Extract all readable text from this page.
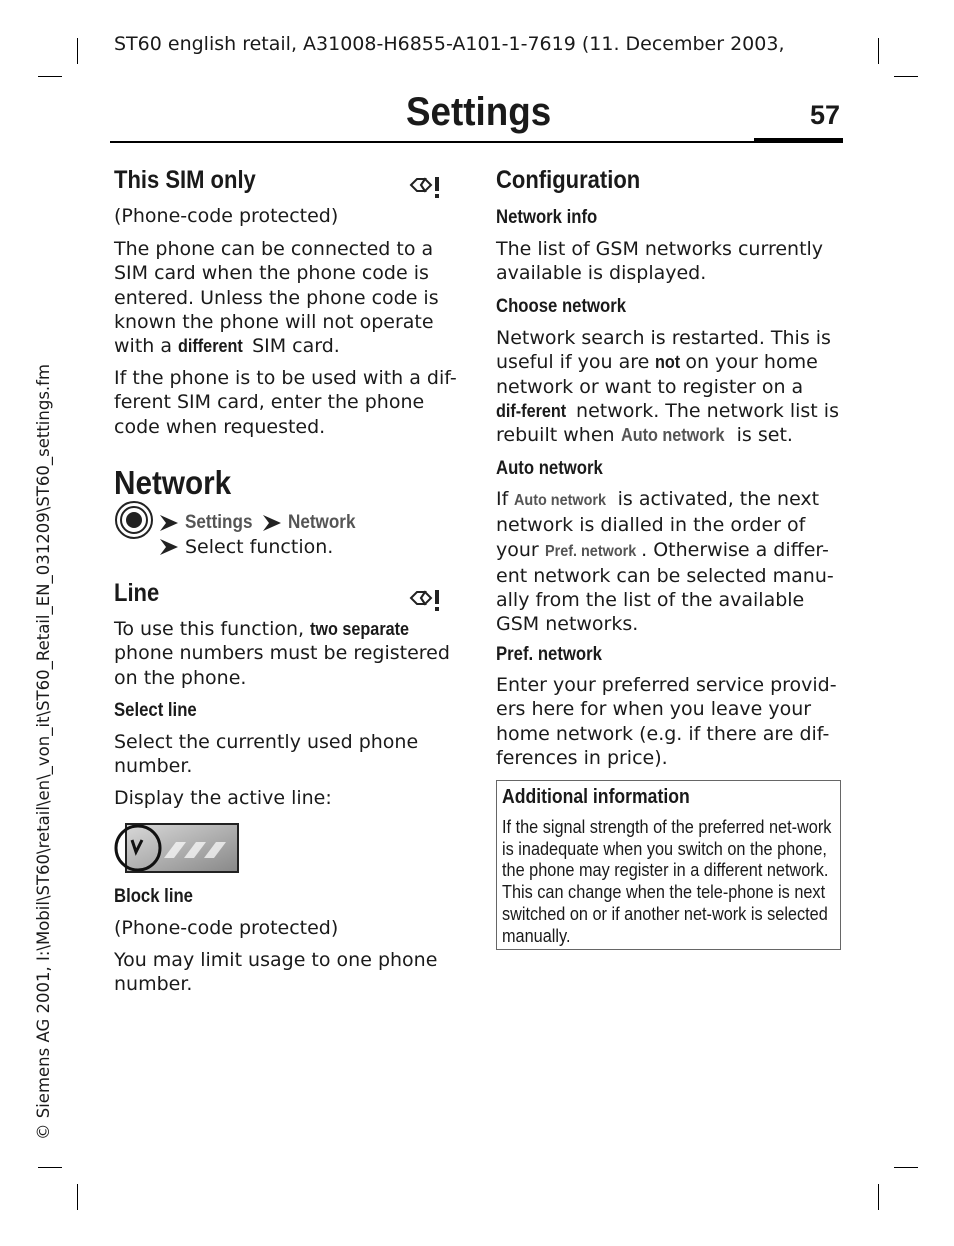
ST60 english retail, A31008-H6855-A101-1-7619 (11. December 2003,
© Siemens AG 2001, I:\Mobil\ST60\retail\en\_von_it\ST60_Retail_EN_031209\ST60_settings.fm
Settings	57
This SIM only

(Phone-code protected)

The phone can be connected to a SIM card when the phone code is entered. Unless the phone code is known the phone will not operate with a different SIM card.

If the phone is to be used with a dif-ferent SIM card, enter the phone code when requested.

Network
Settings Network
Select function.
Line

To use this function, two separate phone numbers must be registered on the phone.

Select line

Select the currently used phone number.

Display the active line:

Block line

(Phone-code protected)

You may limit usage to one phone number.

Configuration
Network info

The list of GSM networks currently available is displayed.

Choose network

Network search is restarted. This is useful if you are not on your home network or want to register on a dif-ferent network. The network list is rebuilt when Auto network is set.

Auto network

If Auto network is activated, the next network is dialled in the order of your Pref. network . Otherwise a differ-ent network can be selected manu-ally from the list of the available GSM networks.

Pref. network

Enter your preferred service provid-ers here for when you leave your home network (e.g. if there are dif-ferences in price).

Additional information

If the signal strength of the preferred net-work is inadequate when you switch on the phone, the phone may register in a different network. This can change when the tele-phone is next switched on or if another net-work is selected manually.
